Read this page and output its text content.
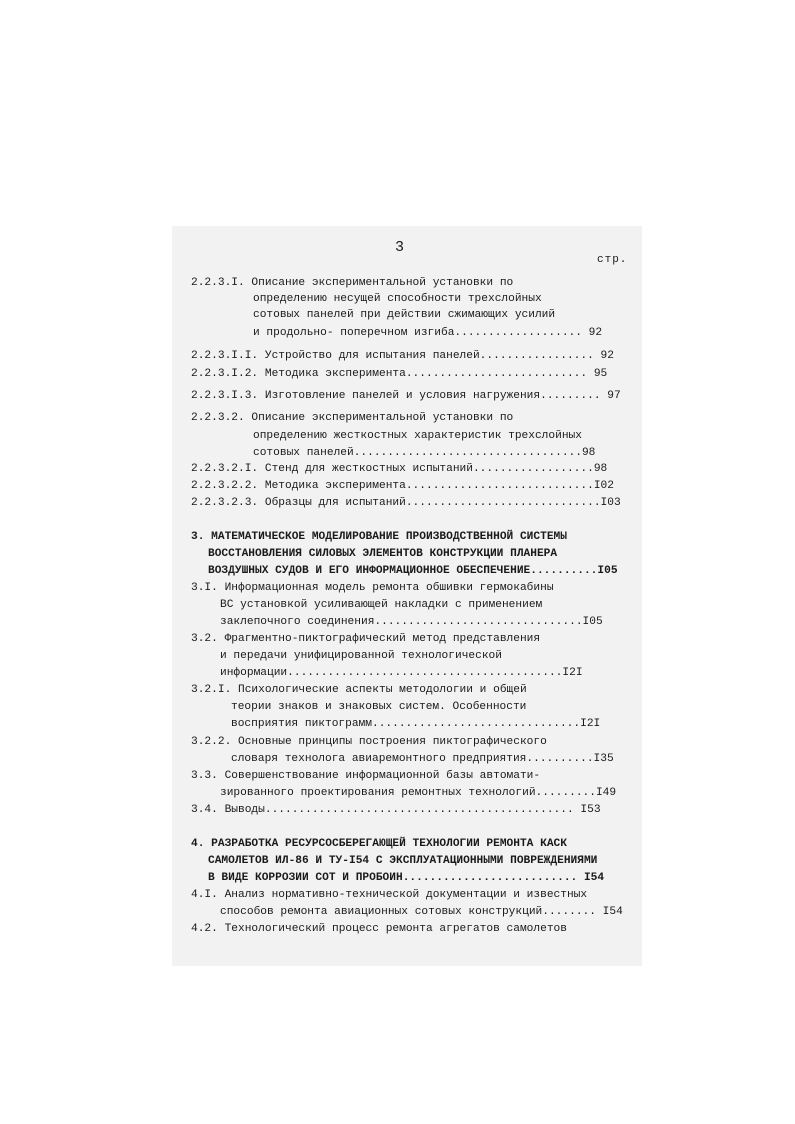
3
стр.
2.2.3.I. Описание экспериментальной установки по
определению несущей способности трехслойных
сотовых панелей при действии сжимающих усилий
и продольно- поперечном изгиба................... 92
2.2.3.I.I. Устройство для испытания панелей................. 92
2.2.3.I.2. Методика эксперимента........................... 95
2.2.3.I.3. Изготовление панелей и условия нагружения......... 97
2.2.3.2. Описание экспериментальной установки по
определению жесткостных характеристик трехслойных
сотовых панелей..................................98
2.2.3.2.I. Стенд для жесткостных испытаний..................98
2.2.3.2.2. Методика эксперимента............................I02
2.2.3.2.3. Образцы для испытаний.............................I03
3. МАТЕМАТИЧЕСКОЕ МОДЕЛИРОВАНИЕ ПРОИЗВОДСТВЕННОЙ СИСТЕМЫ
ВОССТАНОВЛЕНИЯ СИЛОВЫХ ЭЛЕМЕНТОВ КОНСТРУКЦИИ ПЛАНЕРА
ВОЗДУШНЫХ СУДОВ И ЕГО ИНФОРМАЦИОННОЕ ОБЕСПЕЧЕНИЕ..........I05
3.I. Информационная модель ремонта обшивки гермокабины
ВС установкой усиливающей накладки с применением
заклепочного соединения...............................I05
3.2. Фрагментно-пиктографический метод представления
и передачи унифицированной технологической
информации.........................................I2I
3.2.I. Психологические аспекты методологии и общей
теории знаков и знаковых систем. Особенности
восприятия пиктограмм...............................I2I
3.2.2. Основные принципы построения пиктографического
словаря технолога авиаремонтного предприятия..........I35
3.3. Совершенствование информационной базы автомати-
зированного проектирования ремонтных технологий.........I49
3.4. Выводы.............................................. I53
4. РАЗРАБОТКА РЕСУРСОСБЕРЕГАЮЩЕЙ ТЕХНОЛОГИИ РЕМОНТА КАСК
САМОЛЕТОВ ИЛ-86 И ТУ-I54 С ЭКСПЛУАТАЦИОННЫМИ ПОВРЕЖДЕНИЯМИ
В ВИДЕ КОРРОЗИИ СОТ И ПРОБОИН.......................... I54
4.I. Анализ нормативно-технической документации и известных
способов ремонта авиационных сотовых конструкций........ I54
4.2. Технологический процесс ремонта агрегатов самолетов
